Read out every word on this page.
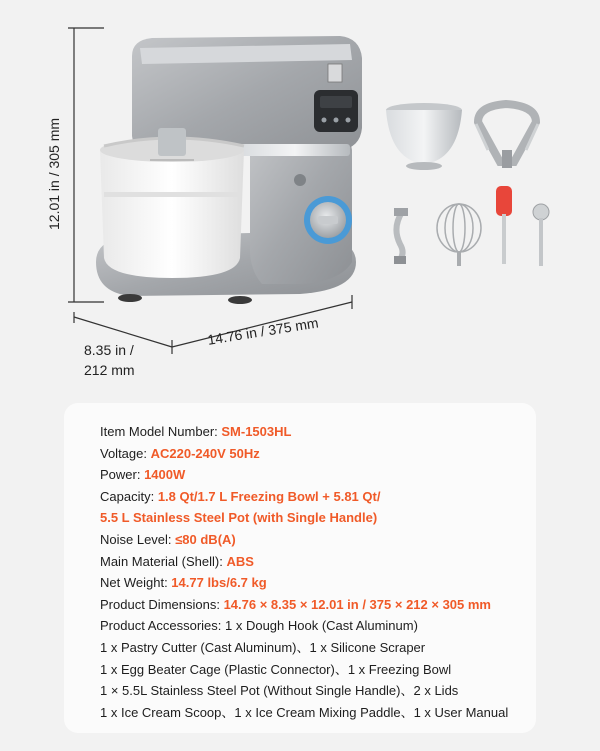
12.01 in / 305 mm
8.35 in /
212 mm
14.76 in / 375 mm
Item Model Number: SM-1503HL
Voltage: AC220-240V 50Hz
Power: 1400W
Capacity: 1.8 Qt/1.7 L Freezing Bowl + 5.81 Qt/
5.5 L Stainless Steel Pot (with Single Handle)
Noise Level: ≤80 dB(A)
Main Material (Shell): ABS
Net Weight: 14.77 lbs/6.7 kg
Product Dimensions: 14.76 × 8.35 × 12.01 in / 375 × 212 × 305 mm
Product Accessories: 1 x Dough Hook (Cast Aluminum)
1 x Pastry Cutter (Cast Aluminum)、1 x Silicone Scraper
1 x Egg Beater Cage (Plastic Connector)、1 x Freezing Bowl
1 × 5.5L Stainless Steel Pot (Without Single Handle)、2 x Lids
1 x Ice Cream Scoop、1 x Ice Cream Mixing Paddle、1 x User Manual
